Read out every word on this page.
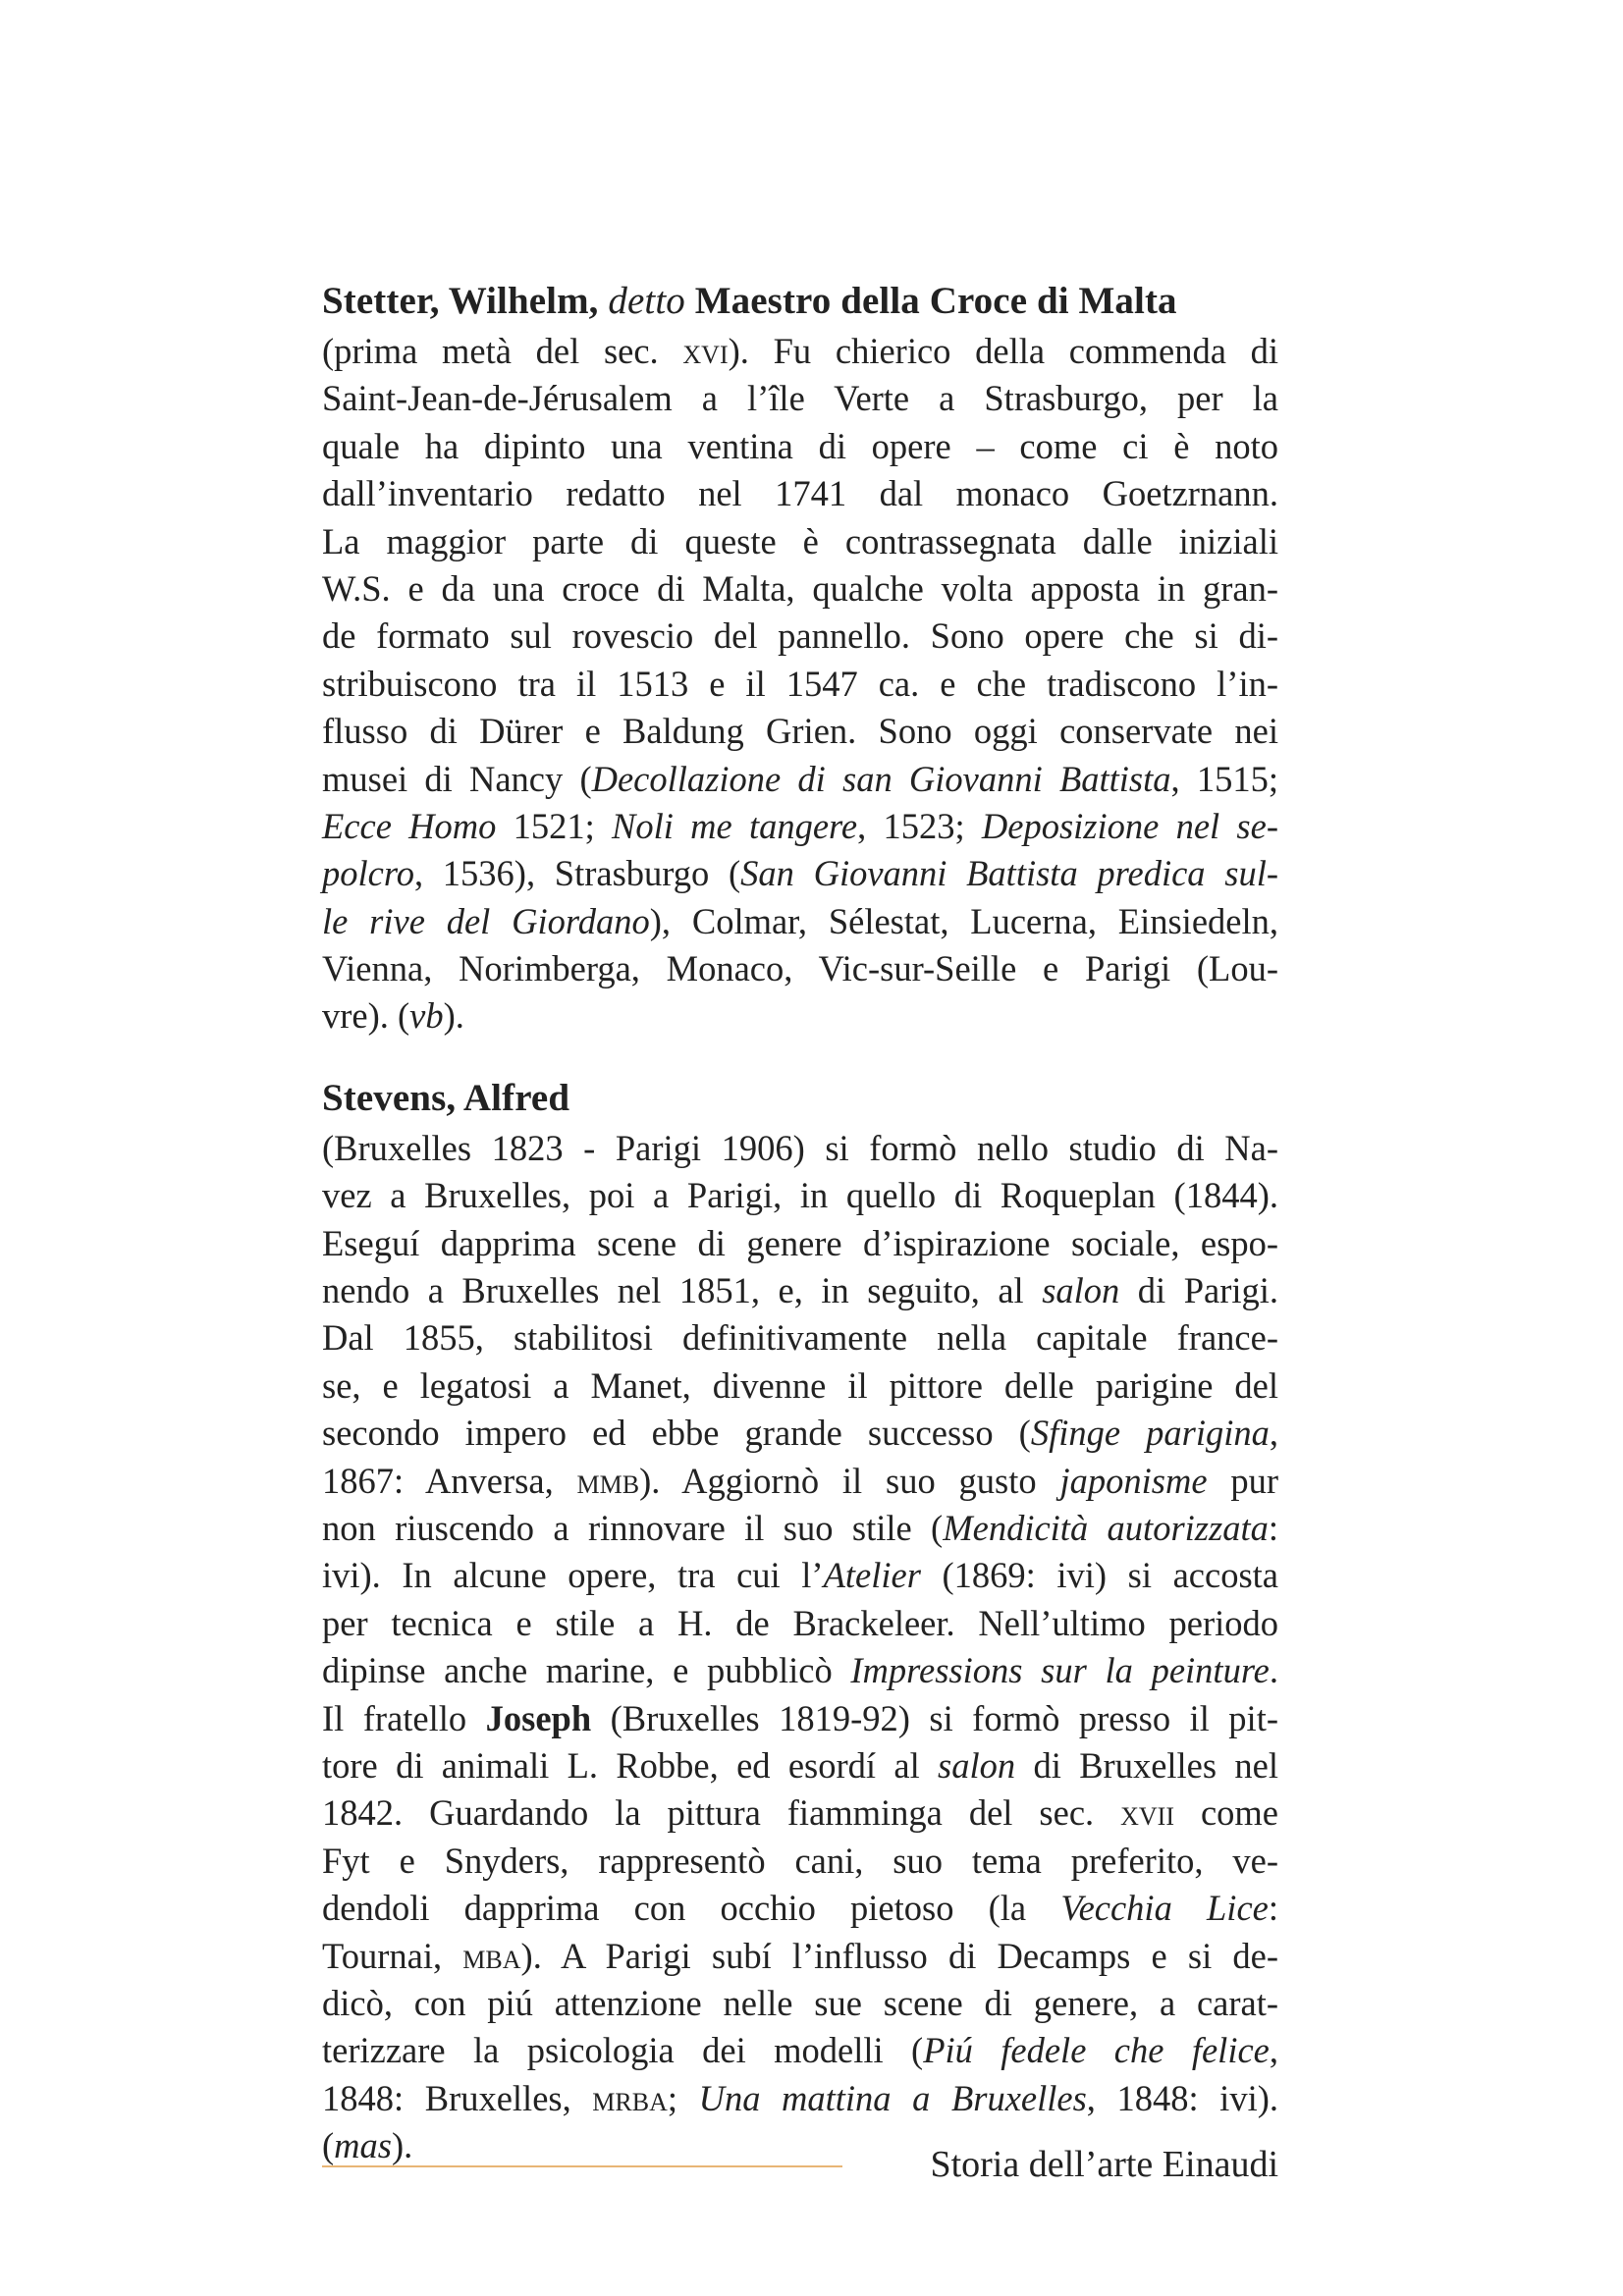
Stetter, Wilhelm, detto Maestro della Croce di Malta
(prima metà del sec. xvi). Fu chierico della commenda di
Saint-Jean-de-Jérusalem a l’île Verte a Strasburgo, per la
quale ha dipinto una ventina di opere – come ci è noto
dall’inventario redatto nel 1741 dal monaco Goetzrnann.
La maggior parte di queste è contrassegnata dalle iniziali
W.S. e da una croce di Malta, qualche volta apposta in gran-
de formato sul rovescio del pannello. Sono opere che si di-
stribuiscono tra il 1513 e il 1547 ca. e che tradiscono l’in-
flusso di Dürer e Baldung Grien. Sono oggi conservate nei
musei di Nancy (Decollazione di san Giovanni Battista, 1515;
Ecce Homo 1521; Noli me tangere, 1523; Deposizione nel se-
polcro, 1536), Strasburgo (San Giovanni Battista predica sul-
le rive del Giordano), Colmar, Sélestat, Lucerna, Einsiedeln,
Vienna, Norimberga, Monaco, Vic-sur-Seille e Parigi (Lou-
vre). (vb).
Stevens, Alfred
(Bruxelles 1823 - Parigi 1906) si formò nello studio di Na-
vez a Bruxelles, poi a Parigi, in quello di Roqueplan (1844).
Eseguí dapprima scene di genere d’ispirazione sociale, espo-
nendo a Bruxelles nel 1851, e, in seguito, al salon di Parigi.
Dal 1855, stabilitosi definitivamente nella capitale france-
se, e legatosi a Manet, divenne il pittore delle parigine del
secondo impero ed ebbe grande successo (Sfinge parigina,
1867: Anversa, mmb). Aggiornò il suo gusto japonisme pur
non riuscendo a rinnovare il suo stile (Mendicità autorizzata:
ivi). In alcune opere, tra cui l’Atelier (1869: ivi) si accosta
per tecnica e stile a H. de Brackeleer. Nell’ultimo periodo
dipinse anche marine, e pubblicò Impressions sur la peinture.
Il fratello Joseph (Bruxelles 1819-92) si formò presso il pit-
tore di animali L. Robbe, ed esordí al salon di Bruxelles nel
1842. Guardando la pittura fiamminga del sec. xvii come
Fyt e Snyders, rappresentò cani, suo tema preferito, ve-
dendoli dapprima con occhio pietoso (la Vecchia Lice:
Tournai, mba). A Parigi subí l’influsso di Decamps e si de-
dicò, con piú attenzione nelle sue scene di genere, a carat-
terizzare la psicologia dei modelli (Piú fedele che felice,
1848: Bruxelles, mrba; Una mattina a Bruxelles, 1848: ivi).
(mas).	Storia dell’arte Einaudi
